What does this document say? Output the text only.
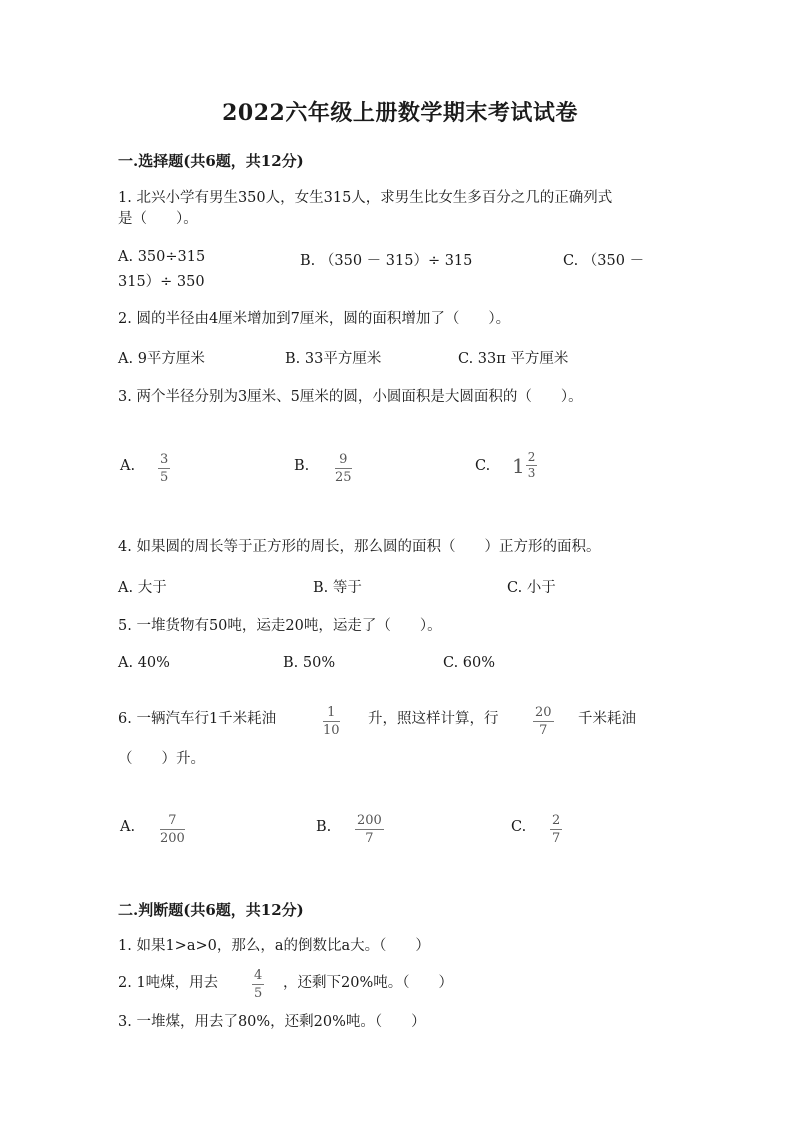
2022六年级上册数学期末考试试卷
一.选择题(共6题，共12分)
1. 北兴小学有男生350人，女生315人，求男生比女生多百分之几的正确列式
是（　　）。
A. 350÷315	B. （350 － 315）÷ 315	C. （350 －
315）÷ 350
2. 圆的半径由4厘米增加到7厘米，圆的面积增加了（　　）。
A. 9平方厘米	B. 33平方厘米	C. 33π 平方厘米
3. 两个半径分别为3厘米、5厘米的圆，小圆面积是大圆面积的（　　）。
A. 3
5
B. 9
25
C. $1 \frac{2}{3}$
4. 如果圆的周长等于正方形的周长，那么圆的面积（　　）正方形的面积。
A. 大于	B. 等于	C. 小于
5. 一堆货物有50吨，运走20吨，运走了（　　）。
A. 40%	B. 50%	C. 60%
6. 一辆汽车行1千米耗油	1
10
升，照这样计算，行	20
7
千米耗油
（　　）升。
A.	7
200
B. 200
7
C. 2
7
二.判断题(共6题，共12分)
1. 如果1>a>0，那么，a的倒数比a大。（　　）
2. 1吨煤，用去	4
5
，还剩下20%吨。（　　）
3. 一堆煤，用去了80%，还剩20%吨。（　　）
